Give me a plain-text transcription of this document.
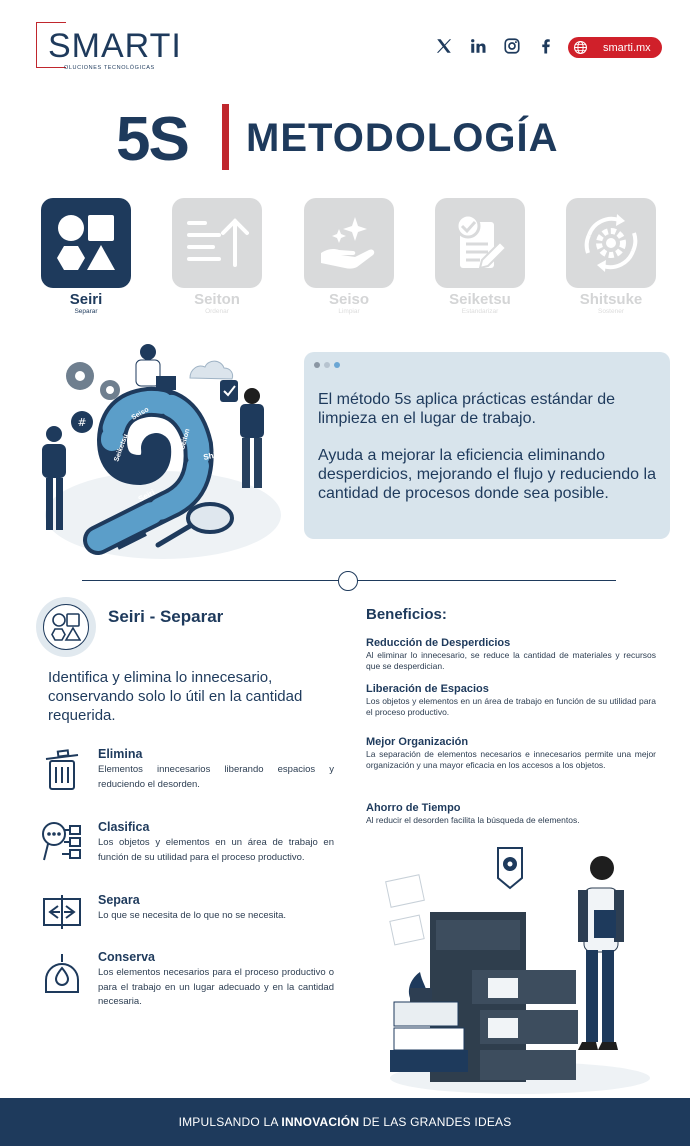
SMARTI
OLUCIONES TECNOLÓGICAS
smarti.mx
5S METODOLOGÍA
Seiri
Separar
Seiton
Ordenar
Seiso
Limpiar
Seiketsu
Estandarizar
Shitsuke
Sostener
#
Seiri
Seiso
Seiketsu	Seiton
Shitsuke

El método 5s aplica prácticas estándar de limpieza en el lugar de trabajo.

Ayuda a mejorar la eficiencia eliminando desperdicios, mejorando el flujo y reduciendo la cantidad de procesos donde sea posible.

Seiri - Separar
Identifica y elimina lo innecesario, conservando solo lo útil en la cantidad requerida.
Elimina
Elementos innecesarios liberando espacios y reduciendo el desorden.
Clasifica
Los objetos y elementos en un área de trabajo en función de su utilidad para el proceso productivo.
Separa
Lo que se necesita de lo que no se necesita.
Conserva
Los elementos necesarios para el proceso productivo o para el trabajo en un lugar adecuado y en la cantidad necesaria.
Beneficios:
Reducción de Desperdicios
Al eliminar lo innecesario, se reduce la cantidad de materiales y recursos que se desperdician.
Liberación de Espacios
Los objetos y elementos en un área de trabajo en función de su utilidad para el proceso productivo.
Mejor Organización
La separación de elementos necesarios e innecesarios permite una mejor organización y una mayor eficacia en los accesos a los objetos.
Ahorro de Tiempo
Al reducir el desorden facilita la búsqueda de elementos.
IMPULSANDO LA INNOVACIÓN DE LAS GRANDES IDEAS
